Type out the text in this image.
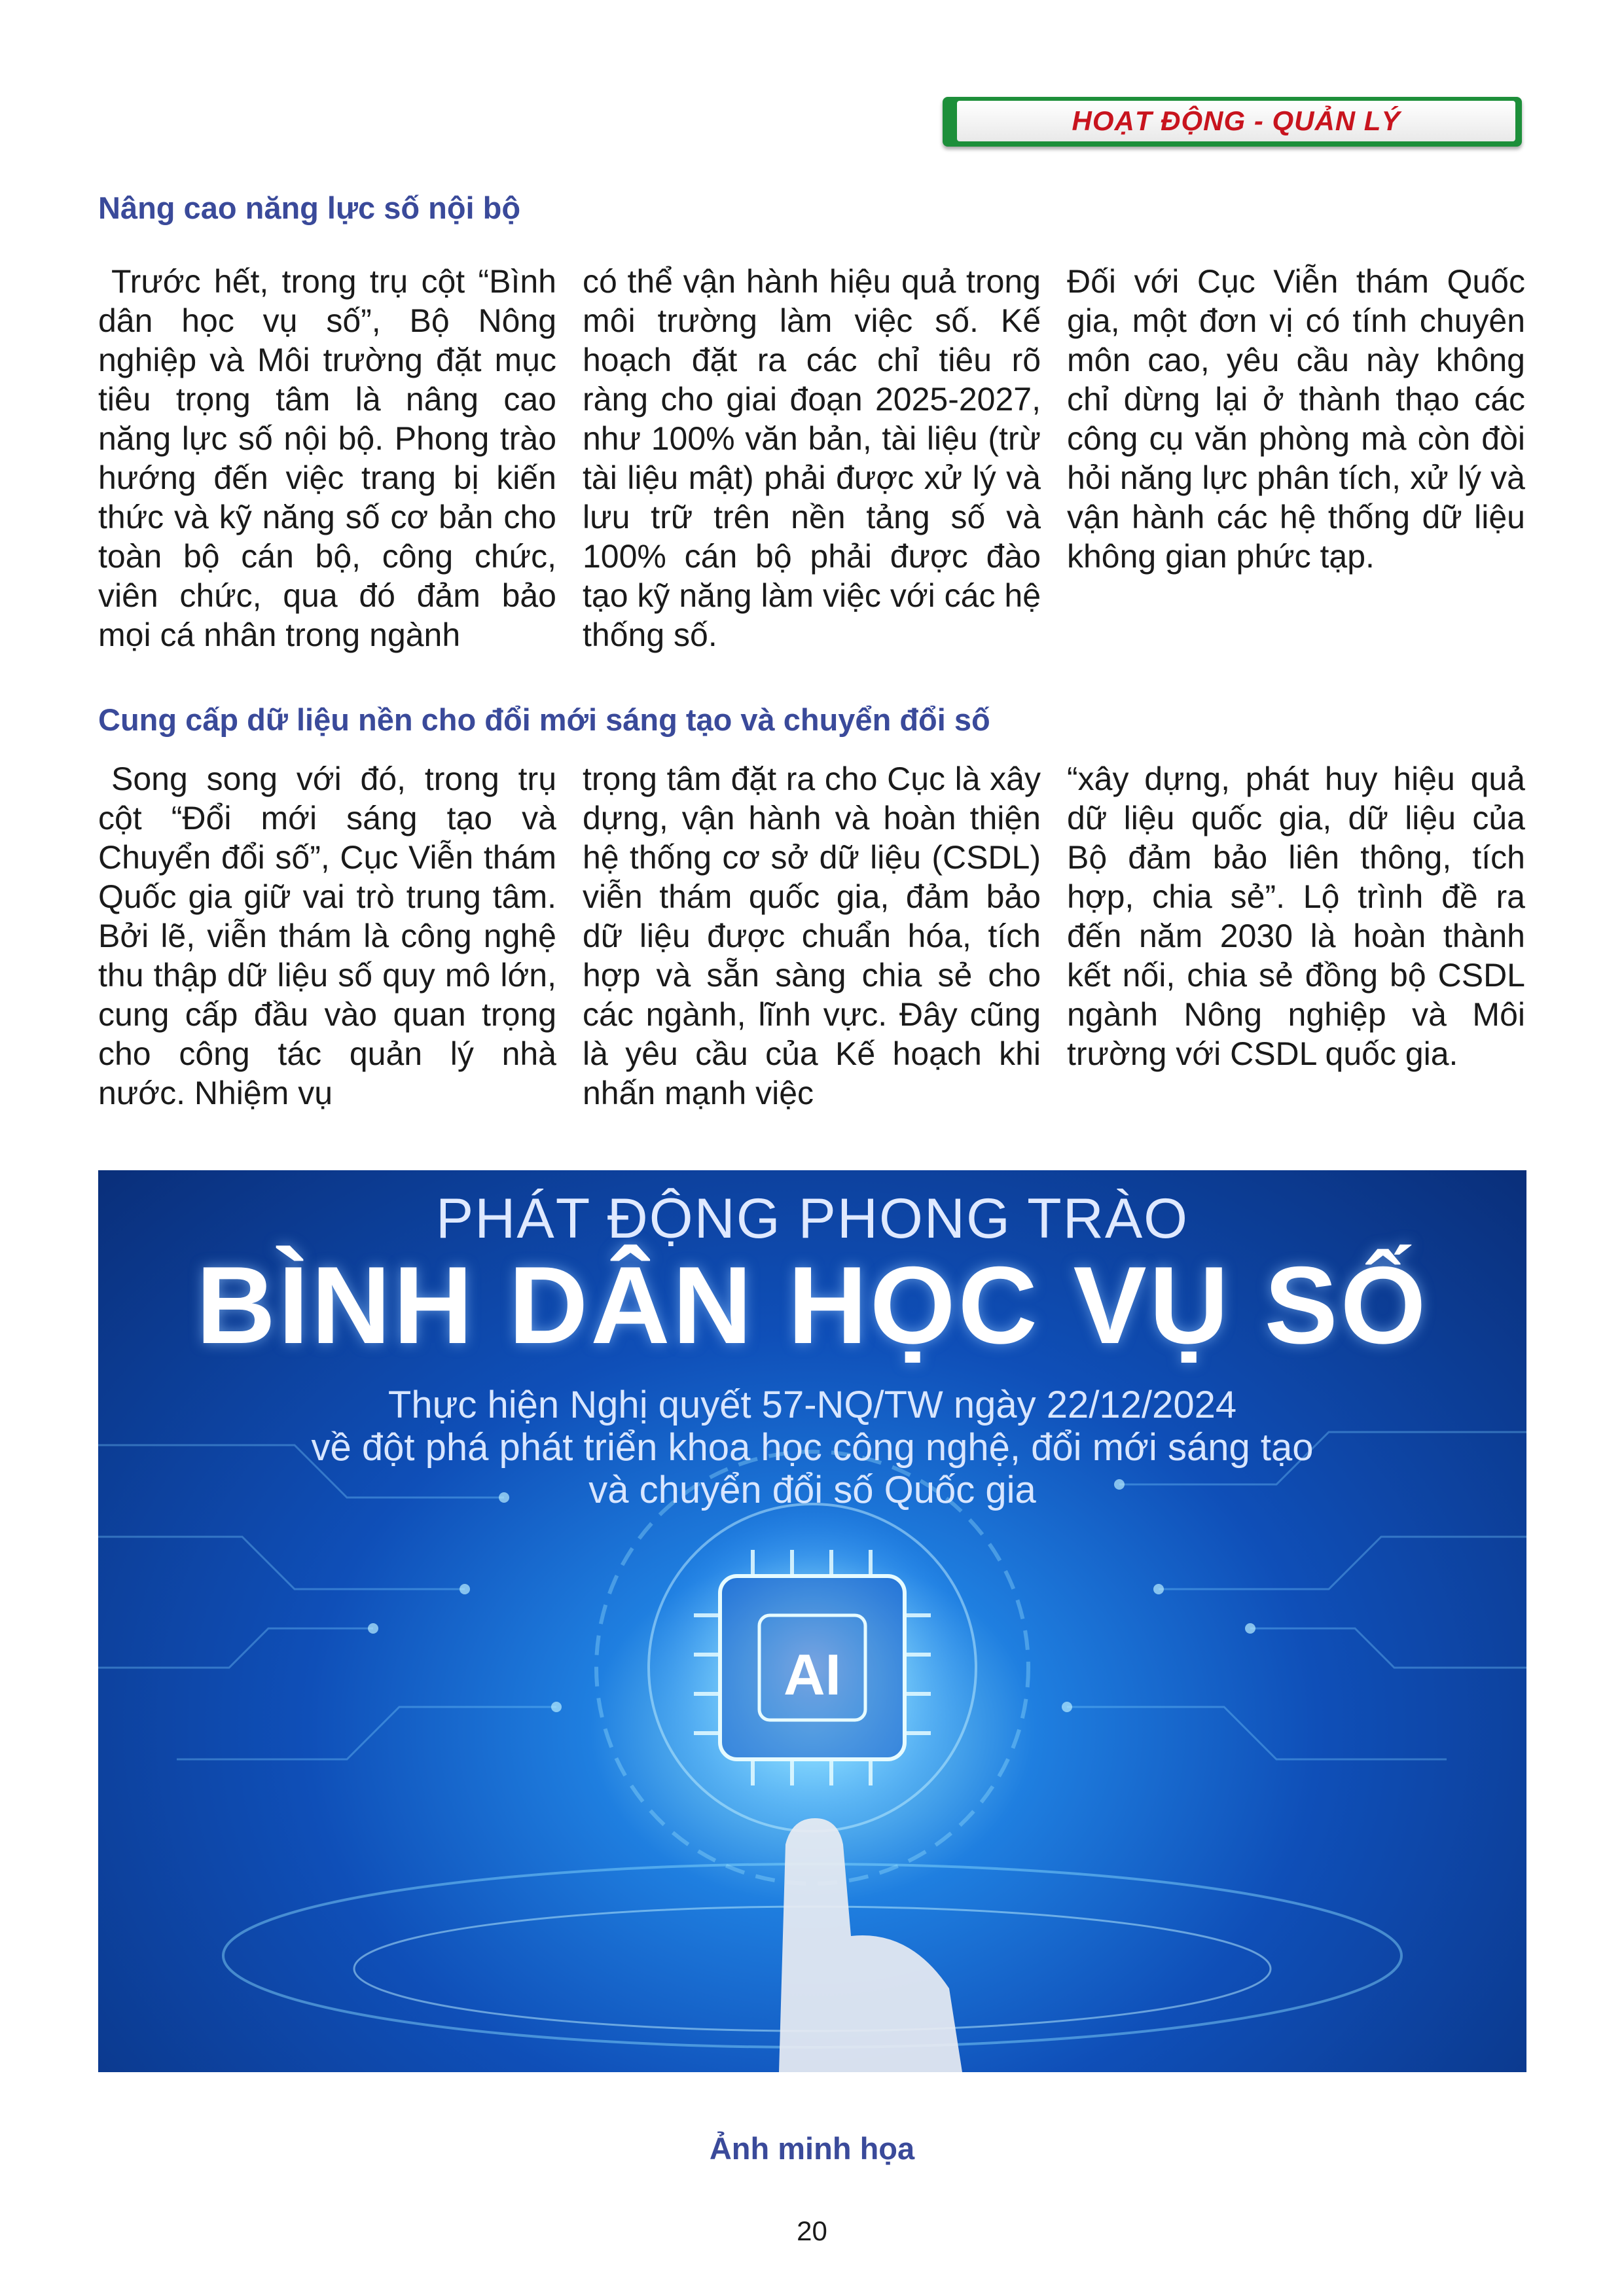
HOẠT ĐỘNG - QUẢN LÝ
Nâng cao năng lực số nội bộ

Trước hết, trong trụ cột “Bình dân học vụ số”, Bộ Nông nghiệp và Môi trường đặt mục tiêu trọng tâm là nâng cao năng lực số nội bộ. Phong trào hướng đến việc trang bị kiến thức và kỹ năng số cơ bản cho toàn bộ cán bộ, công chức, viên chức, qua đó đảm bảo mọi cá nhân trong ngành

có thể vận hành hiệu quả trong môi trường làm việc số. Kế hoạch đặt ra các chỉ tiêu rõ ràng cho giai đoạn 2025-2027, như 100% văn bản, tài liệu (trừ tài liệu mật) phải được xử lý và lưu trữ trên nền tảng số và 100% cán bộ phải được đào tạo kỹ năng làm việc với các hệ thống số.

Đối với Cục Viễn thám Quốc gia, một đơn vị có tính chuyên môn cao, yêu cầu này không chỉ dừng lại ở thành thạo các công cụ văn phòng mà còn đòi hỏi năng lực phân tích, xử lý và vận hành các hệ thống dữ liệu không gian phức tạp.

Cung cấp dữ liệu nền cho đổi mới sáng tạo và chuyển đổi số

Song song với đó, trong trụ cột “Đổi mới sáng tạo và Chuyển đổi số”, Cục Viễn thám Quốc gia giữ vai trò trung tâm. Bởi lẽ, viễn thám là công nghệ thu thập dữ liệu số quy mô lớn, cung cấp đầu vào quan trọng cho công tác quản lý nhà nước. Nhiệm vụ

trọng tâm đặt ra cho Cục là xây dựng, vận hành và hoàn thiện hệ thống cơ sở dữ liệu (CSDL) viễn thám quốc gia, đảm bảo dữ liệu được chuẩn hóa, tích hợp và sẵn sàng chia sẻ cho các ngành, lĩnh vực. Đây cũng là yêu cầu của Kế hoạch khi nhấn mạnh việc

“xây dựng, phát huy hiệu quả dữ liệu quốc gia, dữ liệu của Bộ đảm bảo liên thông, tích hợp, chia sẻ”. Lộ trình đề ra đến năm 2030 là hoàn thành kết nối, chia sẻ đồng bộ CSDL ngành Nông nghiệp và Môi trường với CSDL quốc gia.

PHÁT ĐỘNG PHONG TRÀO
BÌNH DÂN HỌC VỤ SỐ
Thực hiện Nghị quyết 57-NQ/TW ngày 22/12/2024
về đột phá phát triển khoa học công nghệ, đổi mới sáng tạo
và chuyển đổi số Quốc gia
AI
Ảnh minh họa
20
